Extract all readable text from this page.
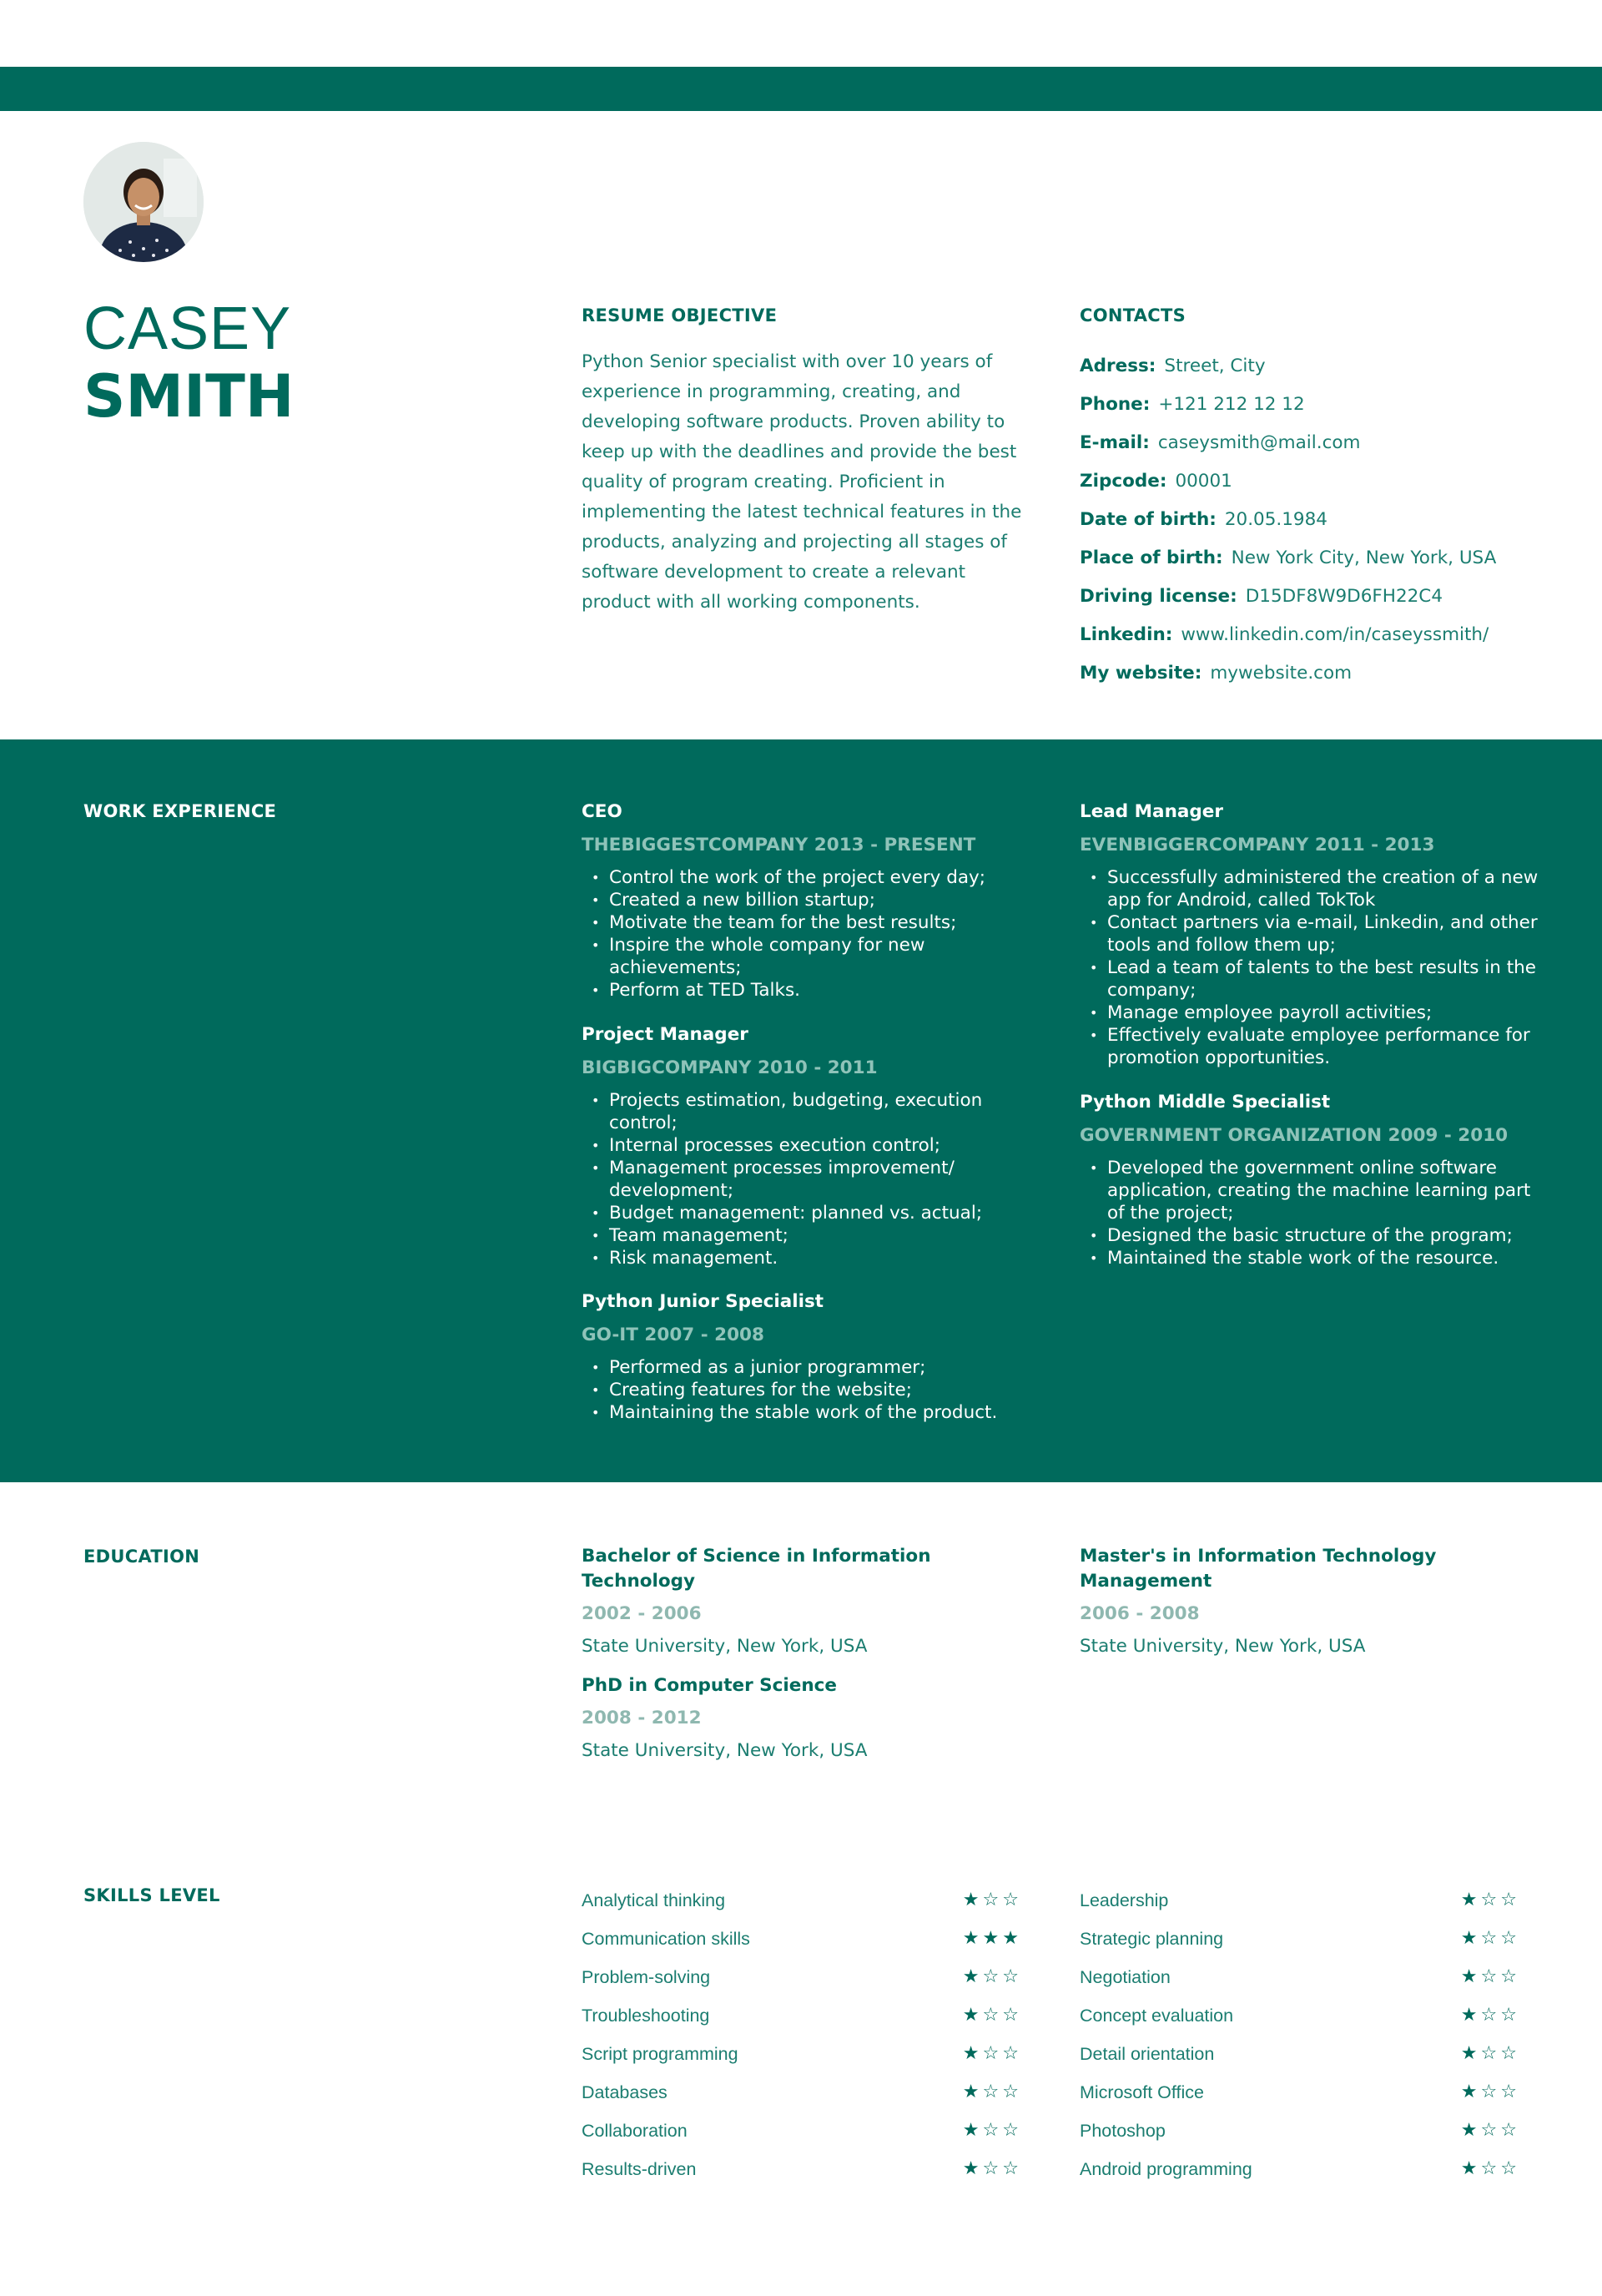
CASEY
SMITH
RESUME OBJECTIVE
Python Senior specialist with over 10 years of experience in programming, creating, and developing software products. Proven ability to keep up with the deadlines and provide the best quality of program creating. Proficient in implementing the latest technical features in the products, analyzing and projecting all stages of software development to create a relevant product with all working components.
CONTACTS
Adress: Street, City
Phone: +121 212 12 12
E-mail: caseysmith@mail.com
Zipcode: 00001
Date of birth: 20.05.1984
Place of birth: New York City, New York, USA
Driving license: D15DF8W9D6FH22C4
Linkedin: www.linkedin.com/in/caseyssmith/
My website: mywebsite.com
WORK EXPERIENCE	CEO
THEBIGGESTCOMPANY 2013 - PRESENT
• Control the work of the project every day;
• Created a new billion startup;
• Motivate the team for the best results;
• Inspire the whole company for new achievements;
• Perform at TED Talks.
Project Manager
BIGBIGCOMPANY 2010 - 2011
• Projects estimation, budgeting, execution control;
• Internal processes execution control;
• Management processes improvement/ development;
• Budget management: planned vs. actual;
• Team management;
• Risk management.
Python Junior Specialist
GO-IT 2007 - 2008
• Performed as a junior programmer;
• Creating features for the website;
• Maintaining the stable work of the product.
Lead Manager
EVENBIGGERCOMPANY 2011 - 2013
• Successfully administered the creation of a new app for Android, called TokTok
• Contact partners via e-mail, Linkedin, and other tools and follow them up;
• Lead a team of talents to the best results in the company;
• Manage employee payroll activities;
• Effectively evaluate employee performance for promotion opportunities.
Python Middle Specialist
GOVERNMENT ORGANIZATION 2009 - 2010
• Developed the government online software application, creating the machine learning part of the project;
• Designed the basic structure of the program;
• Maintained the stable work of the resource.
EDUCATION	Bachelor of Science in Information Technology
2002 - 2006
State University, New York, USA
PhD in Computer Science
2008 - 2012
State University, New York, USA
Master's in Information Technology Management
2006 - 2008
State University, New York, USA
SKILLS LEVEL	Analytical thinking	★ ☆ ☆
Communication skills	★ ★ ★
Problem-solving	★ ☆ ☆
Troubleshooting	★ ☆ ☆
Script programming	★ ☆ ☆
Databases	★ ☆ ☆
Collaboration	★ ☆ ☆
Results-driven	★ ☆ ☆
Leadership	★ ☆ ☆
Strategic planning	★ ☆ ☆
Negotiation	★ ☆ ☆
Concept evaluation	★ ☆ ☆
Detail orientation	★ ☆ ☆
Microsoft Office	★ ☆ ☆
Photoshop	★ ☆ ☆
Android programming	★ ☆ ☆
